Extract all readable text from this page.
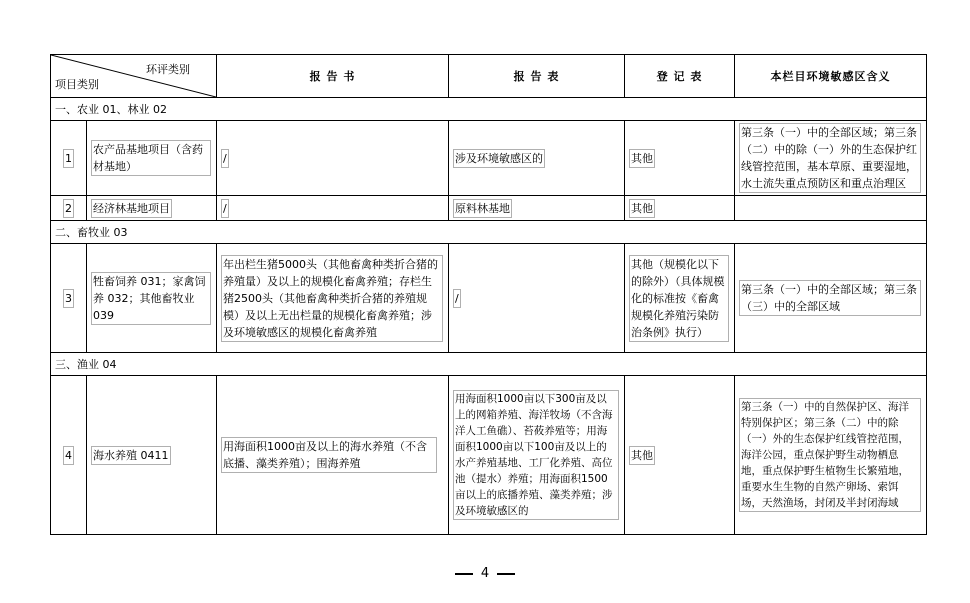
环评类别
项目类别		报 告 书	报 告 表	登 记 表	本栏目环境敏感区含义
一、农业 01、林业 02					
1	农产品基地项目（含药材基地）	/	涉及环境敏感区的	其他	第三条（一）中的全部区域；第三条（二）中的除（一）外的生态保护红线管控范围，基本草原、重要湿地，水土流失重点预防区和重点治理区
2	经济林基地项目	/	原料林基地	其他	
二、畜牧业 03					
3	牲畜饲养 031；家禽饲养 032；其他畜牧业 039	年出栏生猪5000头（其他畜禽种类折合猪的养殖量）及以上的规模化畜禽养殖；存栏生猪2500头（其他畜禽种类折合猪的养殖规模）及以上无出栏量的规模化畜禽养殖；涉及环境敏感区的规模化畜禽养殖	/	其他（规模化以下的除外）（具体规模化的标准按《畜禽规模化养殖污染防治条例》执行）	第三条（一）中的全部区域；第三条（三）中的全部区域
三、渔业 04					
4	海水养殖 0411	用海面积1000亩及以上的海水养殖（不含底播、藻类养殖）；围海养殖	用海面积1000亩以下300亩及以上的网箱养殖、海洋牧场（不含海洋人工鱼礁）、苔莜养殖等；用海面积1000亩以下100亩及以上的水产养殖基地、工厂化养殖、高位池（提水）养殖；用海面积1500亩以上的底播养殖、藻类养殖；涉及环境敏感区的	其他	第三条（一）中的自然保护区、海洋特别保护区；第三条（二）中的除（一）外的生态保护红线管控范围，海洋公园，重点保护野生动物栖息地，重点保护野生植物生长繁殖地，重要水生生物的自然产卵场、索饵场，天然渔场，封闭及半封闭海域
4
